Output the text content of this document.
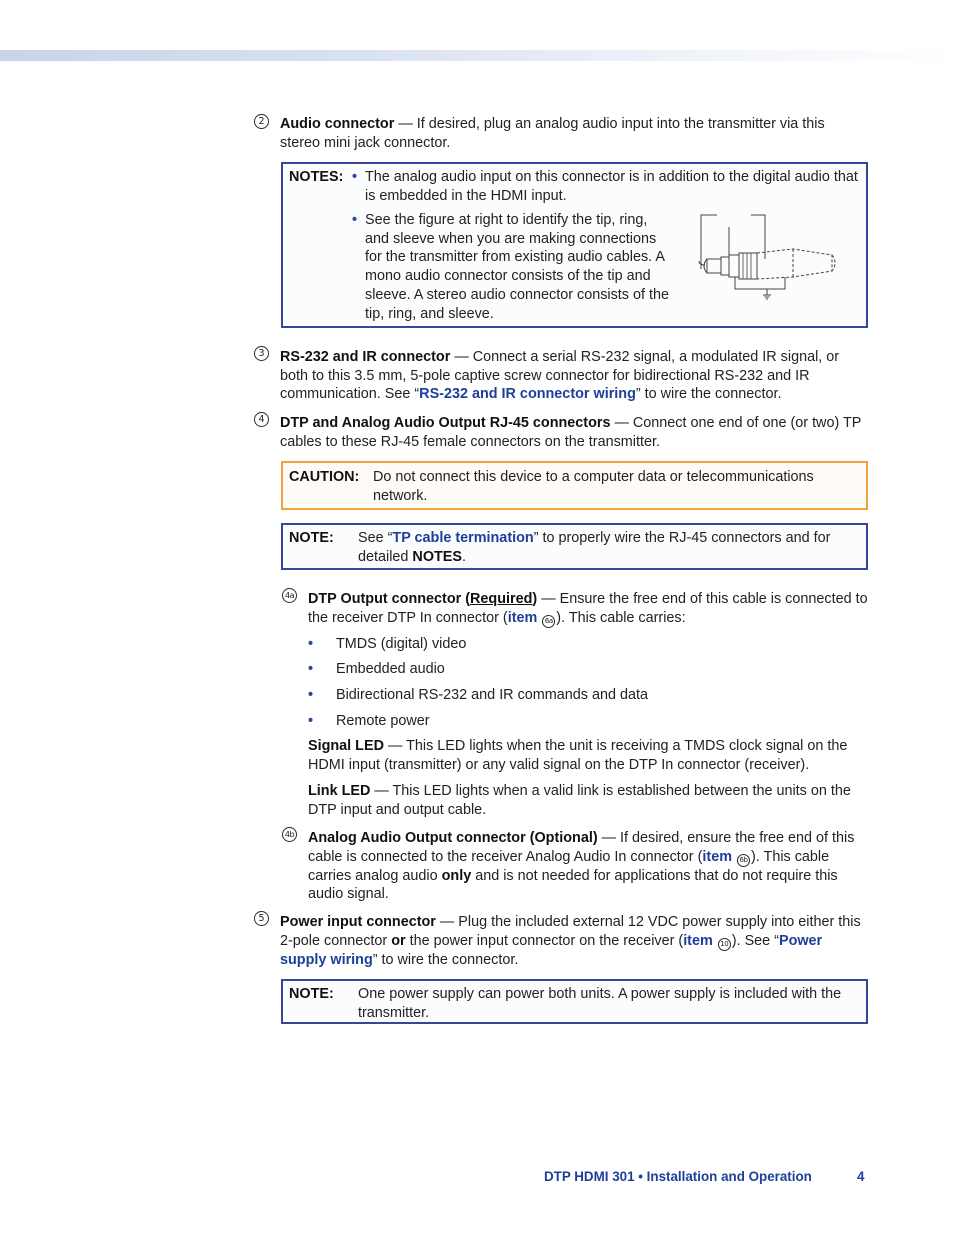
2	Audio connector — If desired, plug an analog audio input into the transmitter via this stereo mini jack connector.
NOTES: • The analog audio input on this connector is in addition to the digital audio that is embedded in the HDMI input.
• See the figure at right to identify the tip, ring, and sleeve when you are making connections for the transmitter from existing audio cables. A mono audio connector consists of the tip and sleeve. A stereo audio connector consists of the tip, ring, and sleeve.
3	RS-232 and IR connector — Connect a serial RS-232 signal, a modulated IR signal, or both to this 3.5 mm, 5-pole captive screw connector for bidirectional RS-232 and IR communication. See “RS-232 and IR connector wiring” to wire the connector.
4	DTP and Analog Audio Output RJ-45 connectors — Connect one end of one (or two) TP cables to these RJ-45 female connectors on the transmitter.
CAUTION: Do not connect this device to a computer data or telecommunications network.
NOTE: See “TP cable termination” to properly wire the RJ-45 connectors and for detailed NOTES.
4a DTP Output connector (Required) — Ensure the free end of this cable is connected to the receiver DTP In connector (item 6a ). This cable carries:
• TMDS (digital) video
• Embedded audio
• Bidirectional RS-232 and IR commands and data
• Remote power
Signal LED — This LED lights when the unit is receiving a TMDS clock signal on the HDMI input (transmitter) or any valid signal on the DTP In connector (receiver).
Link LED — This LED lights when a valid link is established between the units on the DTP input and output cable.
4b Analog Audio Output connector (Optional) — If desired, ensure the free end of this cable is connected to the receiver Analog Audio In connector (item 6b ). This cable carries analog audio only and is not needed for applications that do not require this audio signal.
5	Power input connector — Plug the included external 12 VDC power supply into either this 2-pole connector or the power input connector on the receiver (item 10 ). See “Power supply wiring” to wire the connector.
NOTE: One power supply can power both units. A power supply is included with the transmitter.
DTP HDMI 301 • Installation and Operation	4
